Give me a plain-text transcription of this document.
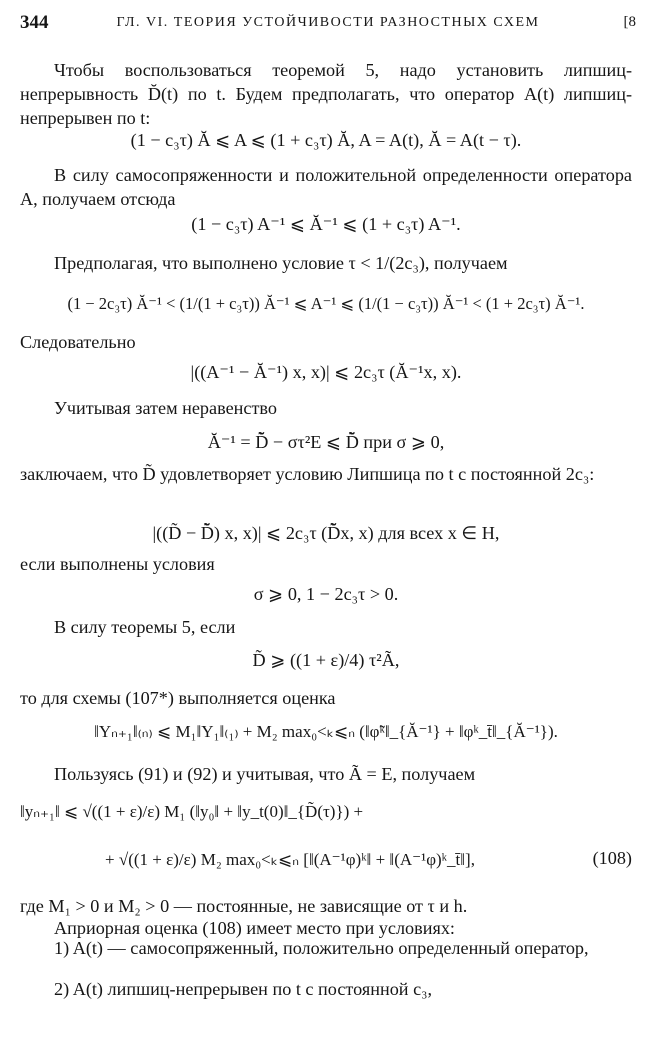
344	ГЛ. VI. ТЕОРИЯ УСТОЙЧИВОСТИ РАЗНОСТНЫХ СХЕМ	[8
Чтобы воспользоваться теоремой 5, надо установить липшиц-непрерывность D̆(t) по t. Будем предполагать, что оператор A(t) липшиц-непрерывен по t:
(1 − c₃τ) Ă ⩽ A ⩽ (1 + c₃τ) Ă, A = A(t), Ă = A(t − τ).
В силу самосопряженности и положительной определенности оператора A, получаем отсюда
(1 − c₃τ) A⁻¹ ⩽ Ă⁻¹ ⩽ (1 + c₃τ) A⁻¹.
Предполагая, что выполнено условие τ < 1/(2c₃), получаем
(1 − 2c₃τ) Ă⁻¹ < (1/(1 + c₃τ)) Ă⁻¹ ⩽ A⁻¹ ⩽ (1/(1 − c₃τ)) Ă⁻¹ < (1 + 2c₃τ) Ă⁻¹.
Следовательно
|((A⁻¹ − Ă⁻¹) x, x)| ⩽ 2c₃τ (Ă⁻¹x, x).
Учитывая затем неравенство
Ă⁻¹ = D̆̃ − στ²E ⩽ D̆̃ при σ ⩾ 0,
заключаем, что D̃ удовлетворяет условию Липшица по t с постоянной 2c₃:
|((D̃ − D̆̃) x, x)| ⩽ 2c₃τ (D̆̃x, x) для всех x ∈ H,
если выполнены условия
σ ⩾ 0, 1 − 2c₃τ > 0.
В силу теоремы 5, если
D̃ ⩾ ((1 + ε)/4) τ²Ã,
то для схемы (107*) выполняется оценка
‖Yₙ₊₁‖₍ₙ₎ ⩽ M₁‖Y₁‖₍₁₎ + M₂ max₀<ₖ⩽ₙ (‖φ̃ᵏ‖_{Ă⁻¹} + ‖φᵏ_t̄‖_{Ă⁻¹}).
Пользуясь (91) и (92) и учитывая, что Ã = E, получаем
‖yₙ₊₁‖ ⩽ √((1 + ε)/ε) M₁ (‖y₀‖ + ‖y_t(0)‖_{D̃(τ)}) +
+ √((1 + ε)/ε) M₂ max₀<ₖ⩽ₙ [‖(A⁻¹φ)ᵏ‖ + ‖(A⁻¹φ)ᵏ_t̄‖],	(108)
где M₁ > 0 и M₂ > 0 — постоянные, не зависящие от τ и h.
Априорная оценка (108) имеет место при условиях:
1) A(t) — самосопряженный, положительно определенный оператор,
2) A(t) липшиц-непрерывен по t с постоянной c₃,
